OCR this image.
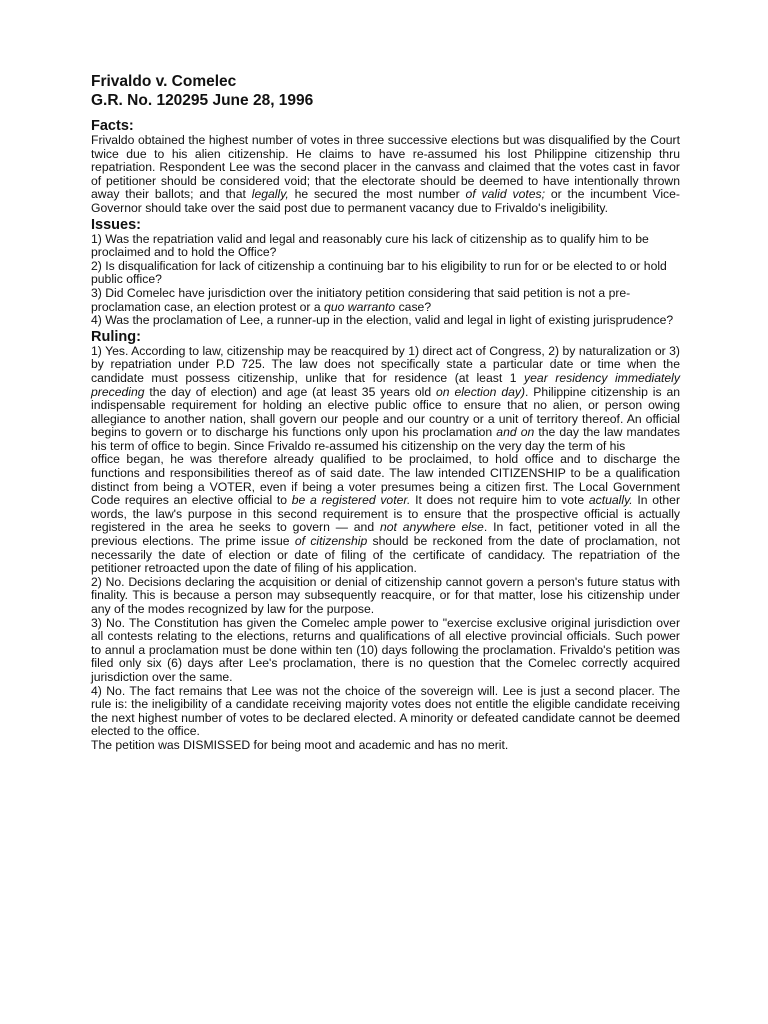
Frivaldo v. Comelec
G.R. No. 120295 June 28, 1996
Facts:
Frivaldo obtained the highest number of votes in three successive elections but was disqualified by the Court twice due to his alien citizenship. He claims to have re-assumed his lost Philippine citizenship thru repatriation. Respondent Lee was the second placer in the canvass and claimed that the votes cast in favor of petitioner should be considered void; that the electorate should be deemed to have intentionally thrown away their ballots; and that legally, he secured the most number of valid votes; or the incumbent Vice-Governor should take over the said post due to permanent vacancy due to Frivaldo's ineligibility.
Issues:
1) Was the repatriation valid and legal and reasonably cure his lack of citizenship as to qualify him to be proclaimed and to hold the Office?
2) Is disqualification for lack of citizenship a continuing bar to his eligibility to run for or be elected to or hold public office?
3) Did Comelec have jurisdiction over the initiatory petition considering that said petition is not a pre-proclamation case, an election protest or a quo warranto case?
4) Was the proclamation of Lee, a runner-up in the election, valid and legal in light of existing jurisprudence?
Ruling:
1) Yes. According to law, citizenship may be reacquired by 1) direct act of Congress, 2) by naturalization or 3) by repatriation under P.D 725. The law does not specifically state a particular date or time when the candidate must possess citizenship, unlike that for residence (at least 1 year residency immediately preceding the day of election) and age (at least 35 years old on election day). Philippine citizenship is an indispensable requirement for holding an elective public office to ensure that no alien, or person owing allegiance to another nation, shall govern our people and our country or a unit of territory thereof. An official begins to govern or to discharge his functions only upon his proclamation and on the day the law mandates his term of office to begin. Since Frivaldo re-assumed his citizenship on the very day the term of his
office began, he was therefore already qualified to be proclaimed, to hold office and to discharge the functions and responsibilities thereof as of said date. The law intended CITIZENSHIP to be a qualification distinct from being a VOTER, even if being a voter presumes being a citizen first. The Local Government Code requires an elective official to be a registered voter. It does not require him to vote actually. In other words, the law's purpose in this second requirement is to ensure that the prospective official is actually registered in the area he seeks to govern — and not anywhere else. In fact, petitioner voted in all the previous elections. The prime issue of citizenship should be reckoned from the date of proclamation, not necessarily the date of election or date of filing of the certificate of candidacy. The repatriation of the petitioner retroacted upon the date of filing of his application.
2) No. Decisions declaring the acquisition or denial of citizenship cannot govern a person's future status with finality. This is because a person may subsequently reacquire, or for that matter, lose his citizenship under any of the modes recognized by law for the purpose.
3) No. The Constitution has given the Comelec ample power to "exercise exclusive original jurisdiction over all contests relating to the elections, returns and qualifications of all elective provincial officials. Such power to annul a proclamation must be done within ten (10) days following the proclamation. Frivaldo's petition was filed only six (6) days after Lee's proclamation, there is no question that the Comelec correctly acquired jurisdiction over the same.
4) No. The fact remains that Lee was not the choice of the sovereign will. Lee is just a second placer. The rule is: the ineligibility of a candidate receiving majority votes does not entitle the eligible candidate receiving the next highest number of votes to be declared elected. A minority or defeated candidate cannot be deemed elected to the office.
The petition was DISMISSED for being moot and academic and has no merit.
